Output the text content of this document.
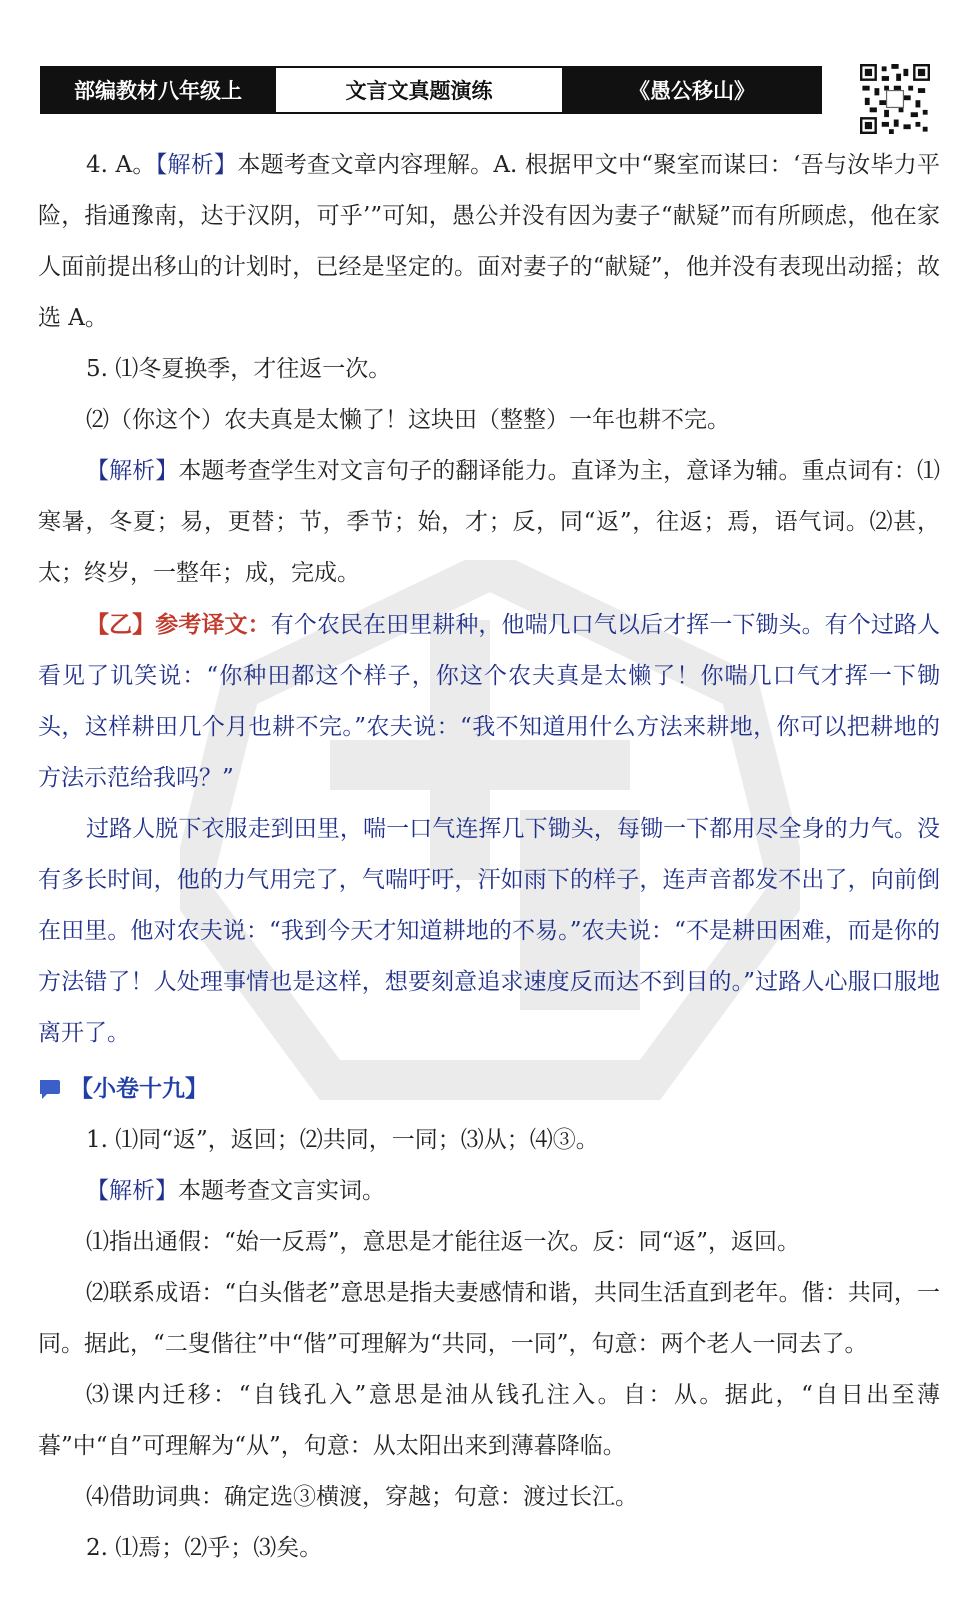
部编教材八年级上	文言文真题演练	《愚公移山》

4. A。【解析】本题考查文章内容理解。A. 根据甲文中“聚室而谋曰：‘吾与汝毕力平险，指通豫南，达于汉阴，可乎’”可知，愚公并没有因为妻子“献疑”而有所顾虑，他在家人面前提出移山的计划时，已经是坚定的。面对妻子的“献疑”，他并没有表现出动摇；故选 A。

5. ⑴冬夏换季，才往返一次。

⑵（你这个）农夫真是太懒了！这块田（整整）一年也耕不完。

【解析】本题考查学生对文言句子的翻译能力。直译为主，意译为辅。重点词有：⑴寒暑，冬夏；易，更替；节，季节；始，才；反，同“返”，往返；焉，语气词。⑵甚，太；终岁，一整年；成，完成。

【乙】参考译文：有个农民在田里耕种，他喘几口气以后才挥一下锄头。有个过路人看见了讥笑说：“你种田都这个样子，你这个农夫真是太懒了！你喘几口气才挥一下锄头，这样耕田几个月也耕不完。”农夫说：“我不知道用什么方法来耕地，你可以把耕地的方法示范给我吗？”

过路人脱下衣服走到田里，喘一口气连挥几下锄头，每锄一下都用尽全身的力气。没有多长时间，他的力气用完了，气喘吁吁，汗如雨下的样子，连声音都发不出了，向前倒在田里。他对农夫说：“我到今天才知道耕地的不易。”农夫说：“不是耕田困难，而是你的方法错了！人处理事情也是这样，想要刻意追求速度反而达不到目的。”过路人心服口服地离开了。

【小卷十九】

1. ⑴同“返”，返回；⑵共同，一同；⑶从；⑷③。

【解析】本题考查文言实词。

⑴指出通假：“始一反焉”，意思是才能往返一次。反：同“返”，返回。

⑵联系成语：“白头偕老”意思是指夫妻感情和谐，共同生活直到老年。偕：共同，一同。据此，“二叟偕往”中“偕”可理解为“共同，一同”，句意：两个老人一同去了。

⑶课内迁移：“自钱孔入”意思是油从钱孔注入。自：从。据此，“自日出至薄暮”中“自”可理解为“从”，句意：从太阳出来到薄暮降临。

⑷借助词典：确定选③横渡，穿越；句意：渡过长江。

2. ⑴焉；⑵乎；⑶矣。
